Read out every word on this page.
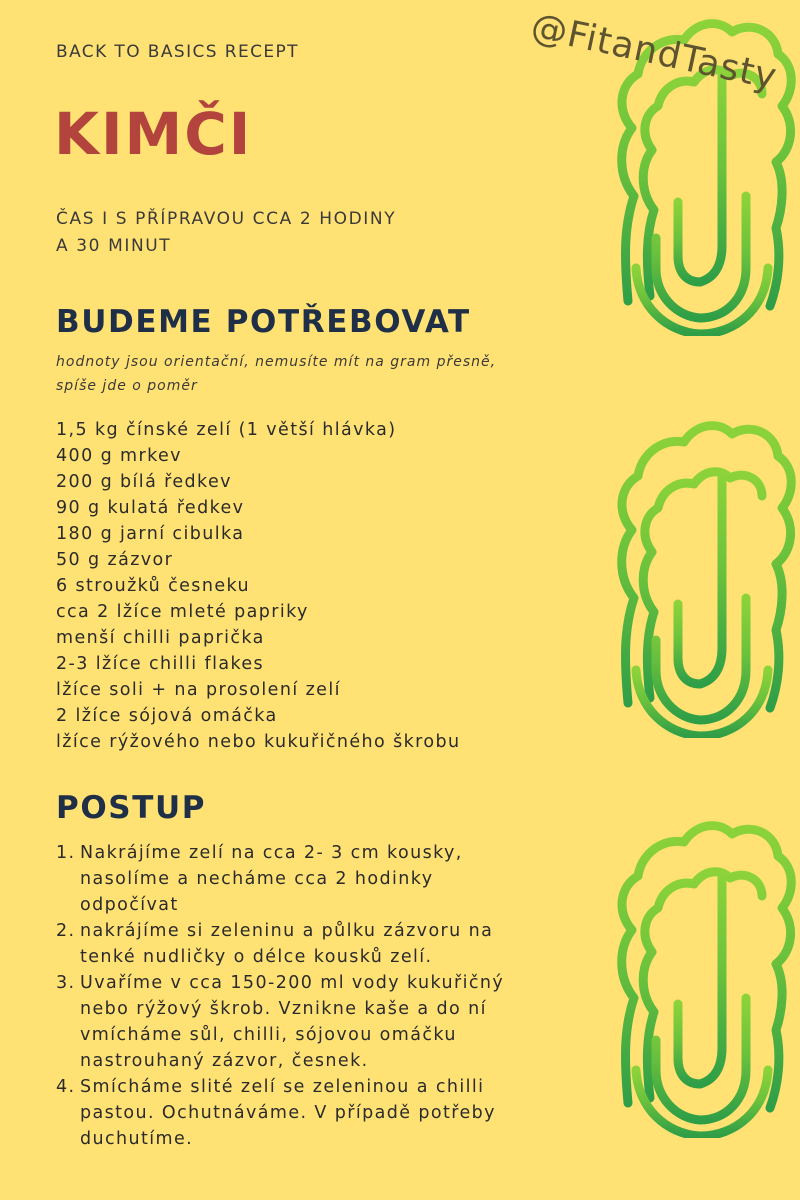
BACK TO BASICS RECEPT
KIMČI
ČAS I S PŘÍPRAVOU CCA 2 HODINY
A 30 MINUT
BUDEME POTŘEBOVAT
hodnoty jsou orientační, nemusíte mít na gram přesně,
spíše jde o poměr
1,5 kg čínské zelí (1 větší hlávka)
400 g mrkev
200 g bílá ředkev
90 g kulatá ředkev
180 g jarní cibulka
50 g zázvor
6 stroužků česneku
cca 2 lžíce mleté papriky
menší chilli paprička
2-3 lžíce chilli flakes
lžíce soli + na prosolení zelí
2 lžíce sójová omáčka
lžíce rýžového nebo kukuřičného škrobu
POSTUP
1. Nakrájíme zelí na cca 2- 3 cm kousky,
nasolíme a necháme cca 2 hodinky
odpočívat
2. nakrájíme si zeleninu a půlku zázvoru na
tenké nudličky o délce kousků zelí.
3. Uvaříme v cca 150-200 ml vody kukuřičný
nebo rýžový škrob. Vznikne kaše a do ní
vmícháme sůl, chilli, sójovou omáčku
nastrouhaný zázvor, česnek.
4. Smícháme slité zelí se zeleninou a chilli
pastou. Ochutnáváme. V případě potřeby
duchutíme.
@FitandTasty
